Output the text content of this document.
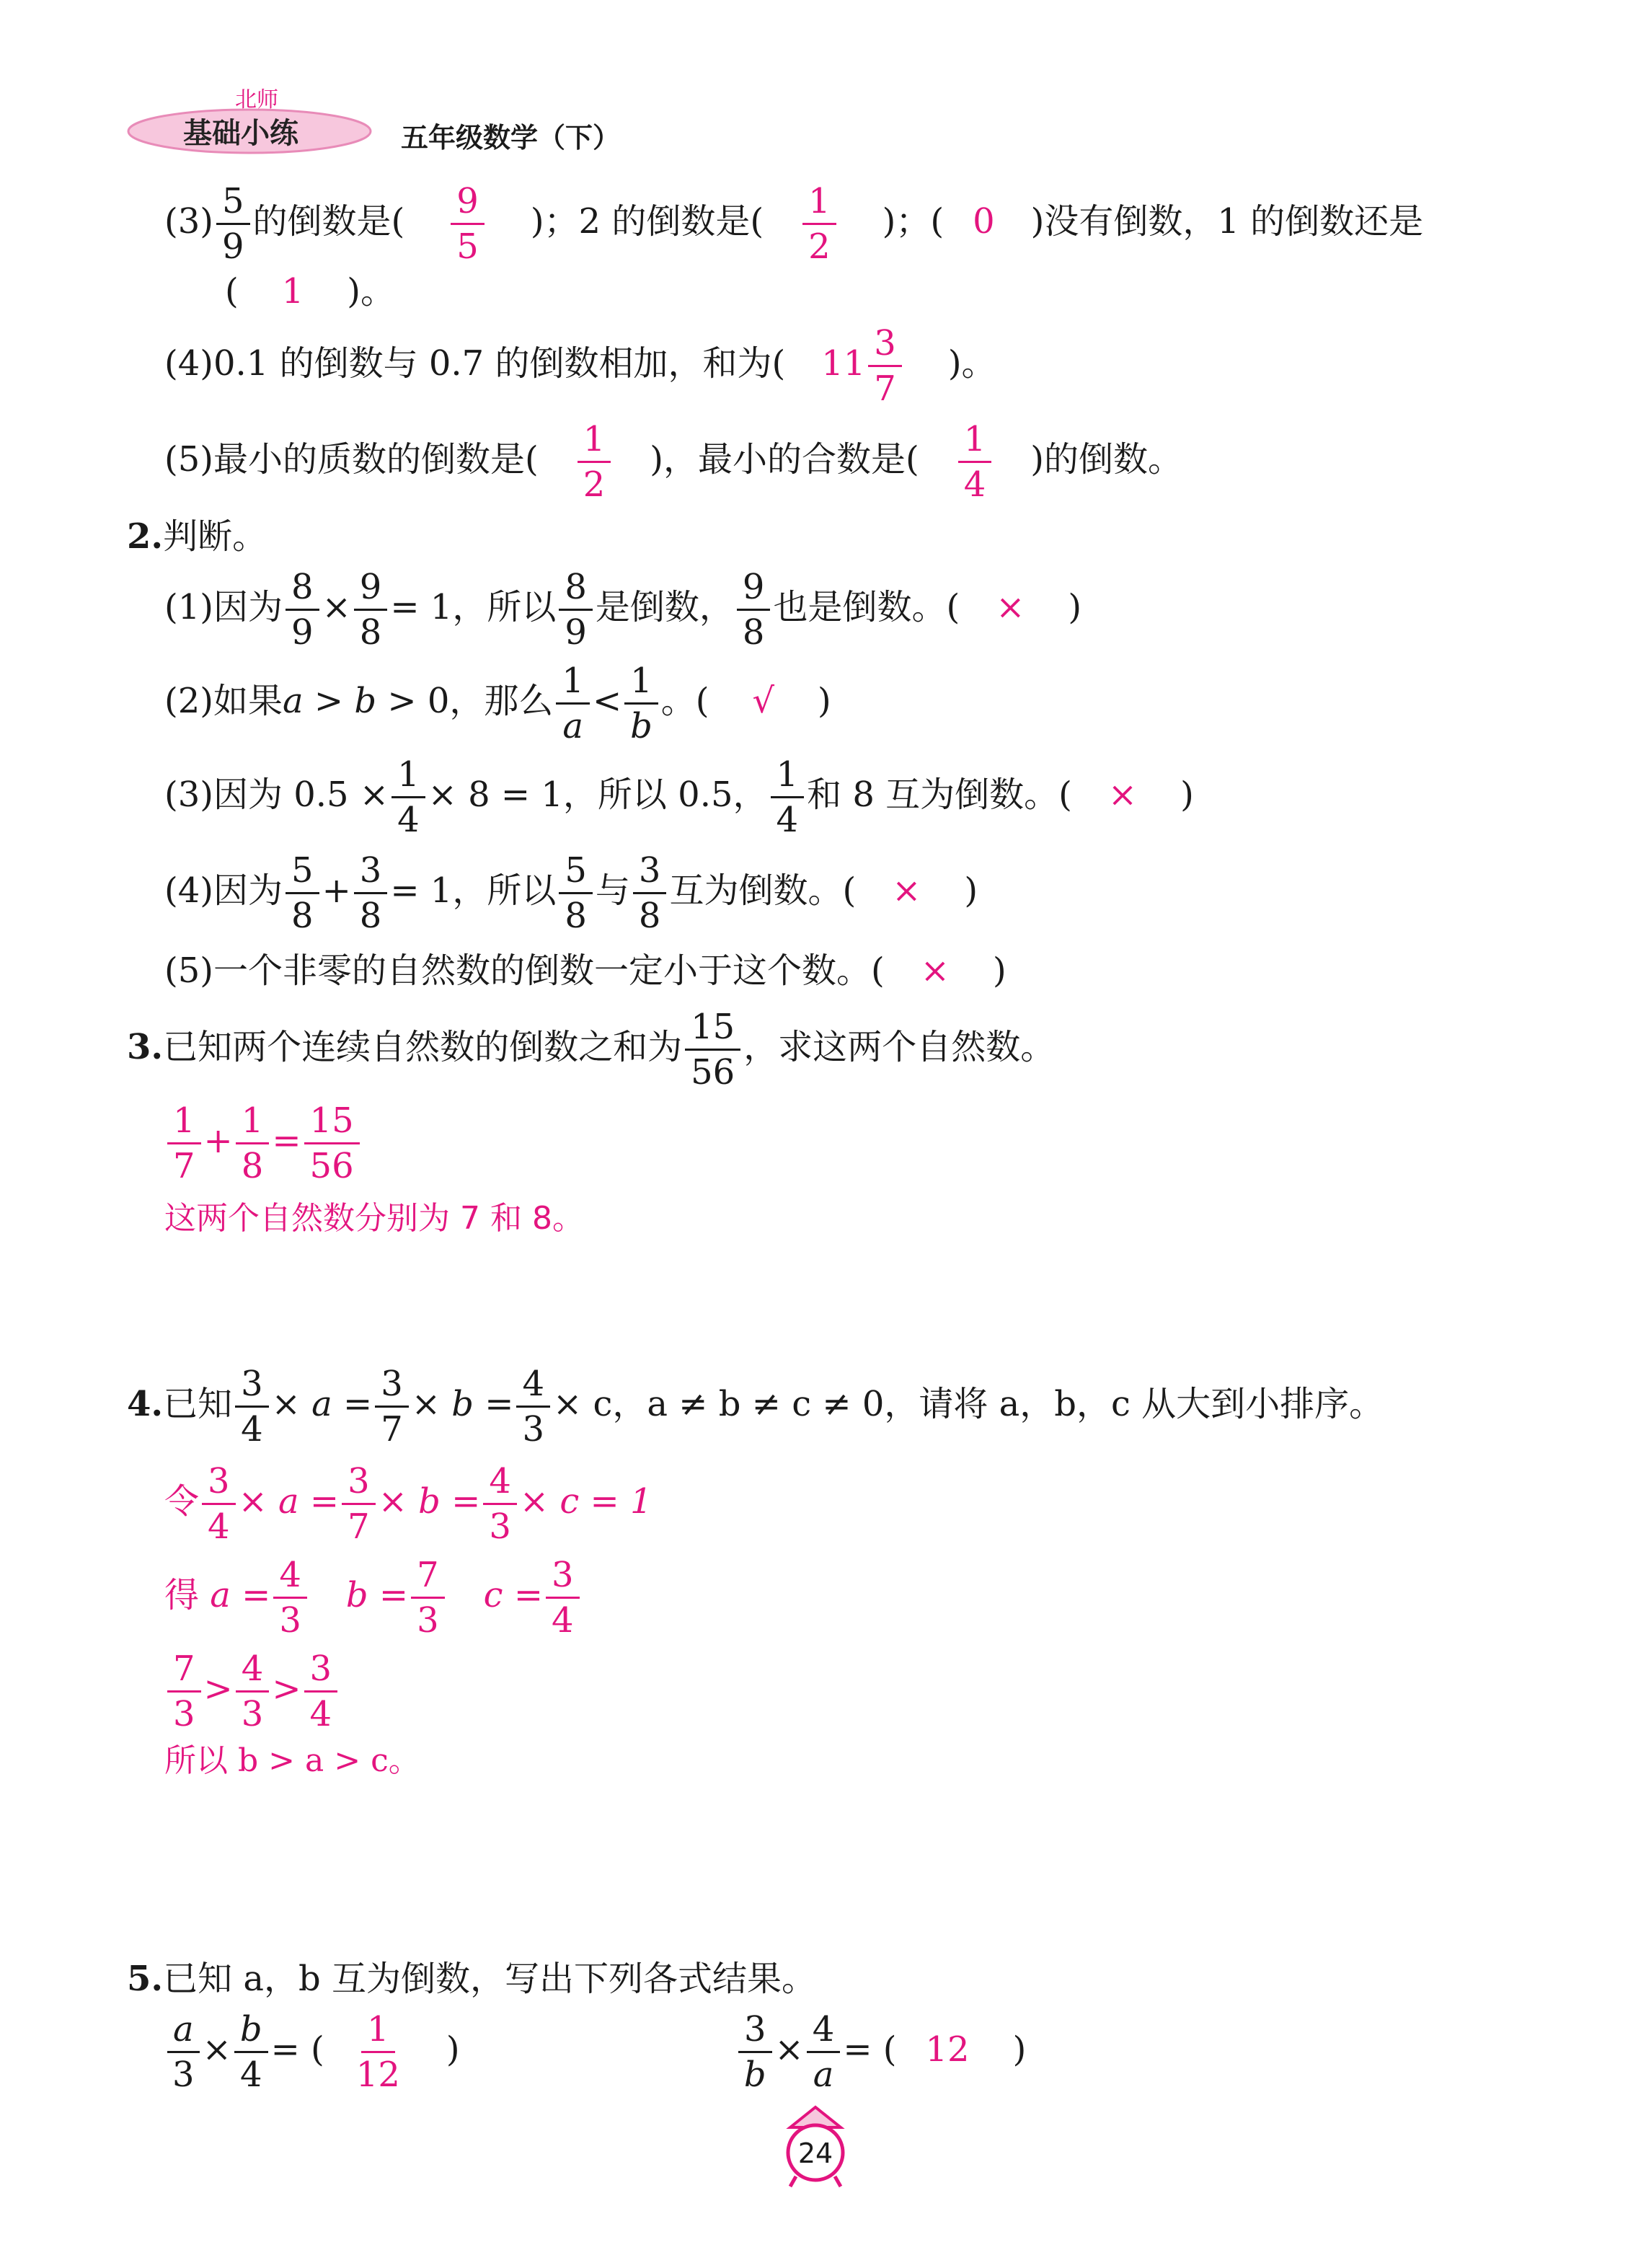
北师
基础小练	五年级数学（下）
$(3) \frac{5}{9}$ 的倒数是( $\frac{9}{5}$ )；2 的倒数是( $\frac{1}{2}$ )；( 0 )没有倒数，1 的倒数还是
( 1 )。
(4)0.1 的倒数与 0.7 的倒数相加，和为( $11 \frac{3}{7}$ )。
(5)最小的质数的倒数是( $\frac{1}{2}$ )，最小的合数是( $\frac{1}{4}$ )的倒数。
2.判断。
(1)因为 $\frac{8}{9} \times \frac{9}{8} = 1$，所以 $\frac{8}{9}$ 是倒数， $\frac{9}{8}$ 也是倒数。( × )
(2)如果a > b > 0，那么 $\frac{1}{a} < \frac{1}{b}$ 。( √ )
(3)因为 $0.5 \times \frac{1}{4} \times 8 = 1$，所以 0.5， $\frac{1}{4}$ 和 8 互为倒数。( × )
(4)因为 $\frac{5}{8} + \frac{3}{8} = 1$，所以 $\frac{5}{8}$ 与 $\frac{3}{8}$ 互为倒数。( × )
(5)一个非零的自然数的倒数一定小于这个数。( × )
3.已知两个连续自然数的倒数之和为 $\frac{15}{56}$ ，求这两个自然数。
$\frac{1}{7} + \frac{1}{8} = \frac{15}{56}$
这两个自然数分别为 7 和 8。
4.已知 $\frac{3}{4} \times a = \frac{3}{7} \times b = \frac{4}{3} \times c$，a ≠ b ≠ c ≠ 0，请将 a，b，c 从大到小排序。
令 $\frac{3}{4} \times a = \frac{3}{7} \times b = \frac{4}{3} \times c = 1$
得 $a = \frac{4}{3}$ $b = \frac{7}{3}$ $c = \frac{3}{4}$
$\frac{7}{3} > \frac{4}{3} > \frac{3}{4}$
所以 b > a > c。
5.已知 a，b 互为倒数，写出下列各式结果。
$\frac{a}{3} \times \frac{b}{4}$ = ( $\frac{1}{12}$ )	$\frac{3}{b} \times \frac{4}{a}$ = ( 12 )
24
